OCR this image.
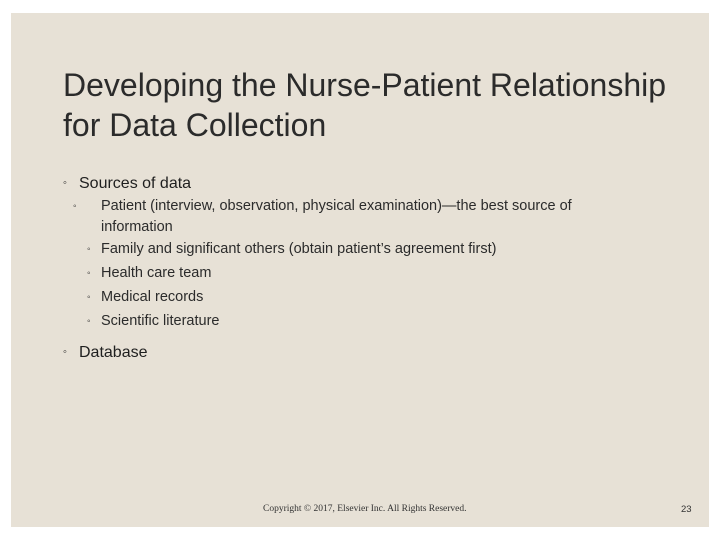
Developing the Nurse-Patient Relationship for Data Collection
◦ Sources of data
◦ Patient (interview, observation, physical examination)—the best source of information
◦ Family and significant others (obtain patient’s agreement first)
◦ Health care team
◦ Medical records
◦ Scientific literature
◦ Database
Copyright © 2017, Elsevier Inc. All Rights Reserved.	23
